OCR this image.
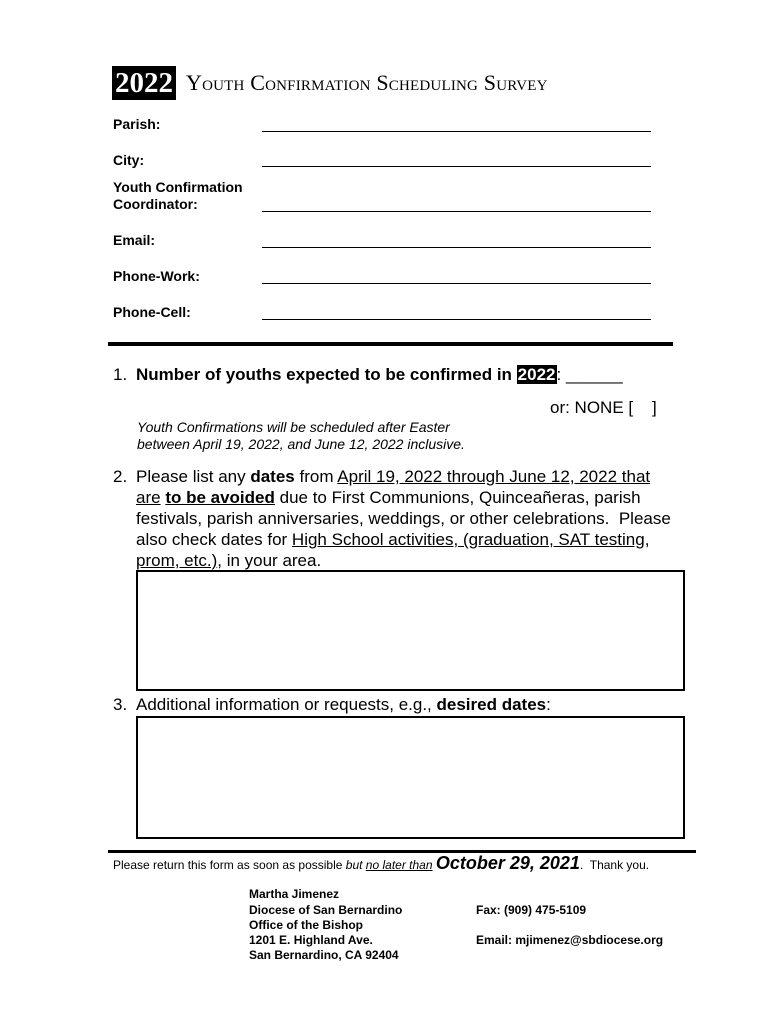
2022 Youth Confirmation Scheduling Survey
Parish:
City:
Youth Confirmation
Coordinator:
Email:
Phone-Work:
Phone-Cell:
1. Number of youths expected to be confirmed in 2022: ______
or: NONE [    ]
Youth Confirmations will be scheduled after Easter
between April 19, 2022, and June 12, 2022 inclusive.
2. Please list any dates from April 19, 2022 through June 12, 2022 that
are to be avoided due to First Communions, Quinceañeras, parish
festivals, parish anniversaries, weddings, or other celebrations.  Please
also check dates for High School activities, (graduation, SAT testing,
prom, etc.), in your area.
3. Additional information or requests, e.g., desired dates:
Please return this form as soon as possible but no later than October 29, 2021.  Thank you.
Martha Jimenez
Diocese of San Bernardino
Office of the Bishop
1201 E. Highland Ave.
San Bernardino, CA 92404
Fax: (909) 475-5109
Email: mjimenez@sbdiocese.org
